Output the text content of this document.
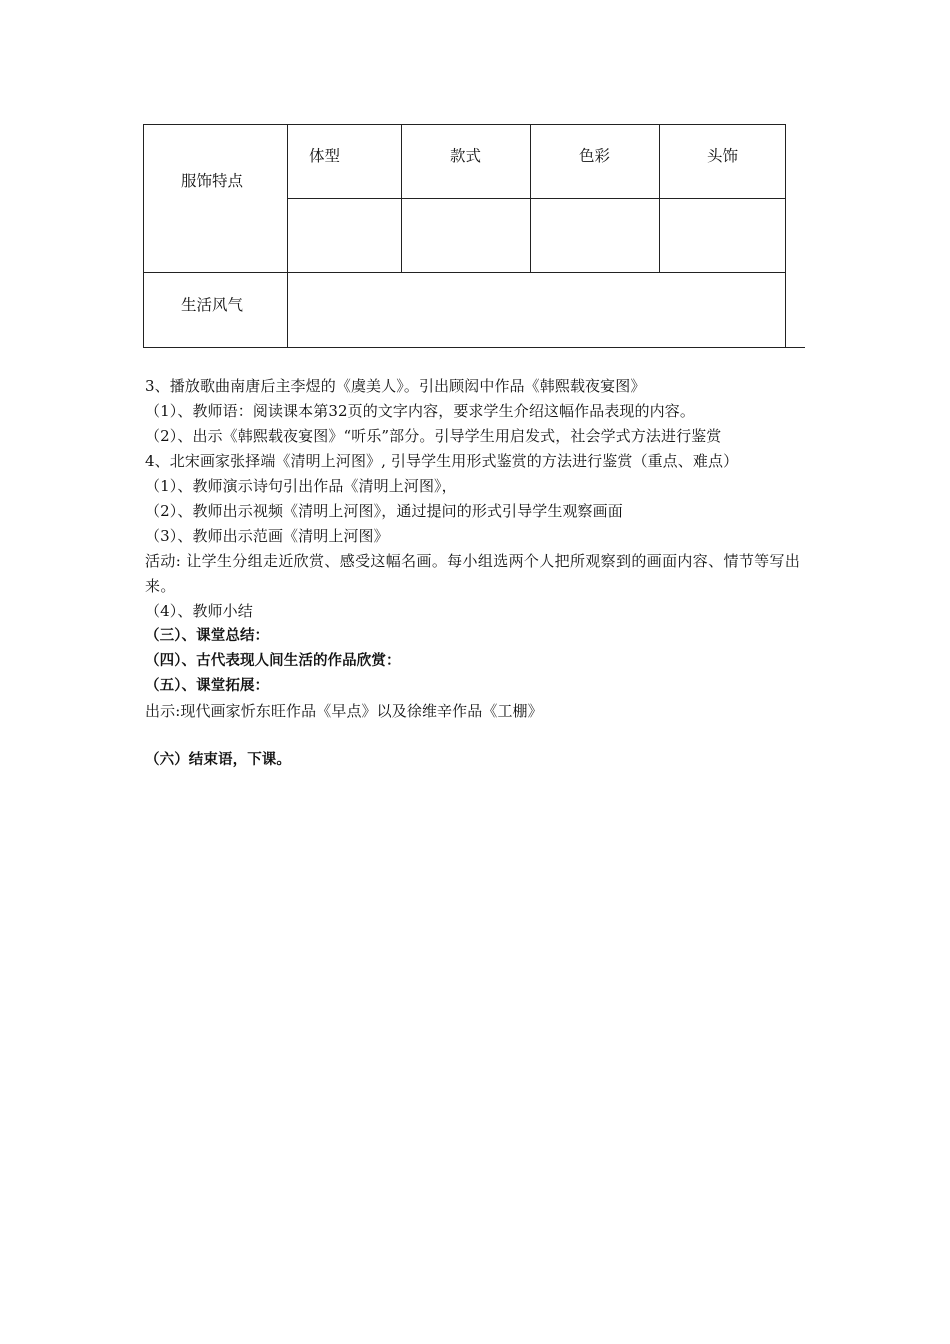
服饰特点
体型	款式	色彩	头饰
生活风气
3、播放歌曲南唐后主李煜的《虞美人》。引出顾闳中作品《韩熙载夜宴图》
（1）、教师语：阅读课本第32页的文字内容，要求学生介绍这幅作品表现的内容。
（2）、出示《韩熙载夜宴图》“听乐”部分。引导学生用启发式，社会学式方法进行鉴赏
4、北宋画家张择端《清明上河图》, 引导学生用形式鉴赏的方法进行鉴赏（重点、难点）
（1）、教师演示诗句引出作品《清明上河图》，
（2）、教师出示视频《清明上河图》，通过提问的形式引导学生观察画面
（3）、教师出示范画《清明上河图》
活动: 让学生分组走近欣赏、感受这幅名画。每小组选两个人把所观察到的画面内容、情节等写出来。
（4）、教师小结
（三）、课堂总结：
（四）、古代表现人间生活的作品欣赏：
（五）、课堂拓展：
出示:现代画家忻东旺作品《早点》以及徐维辛作品《工棚》
（六）结束语，下课。
